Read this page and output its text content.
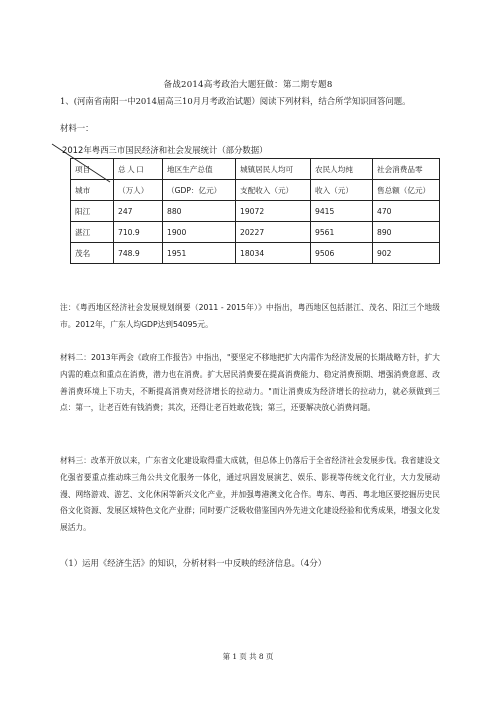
备战2014高考政治大题狂做：第二期专题8
1、(河南省南阳一中2014届高三10月月考政治试题）阅读下列材料，结合所学知识回答问题。
材料一：
2012年粤西三市国民经济和社会发展统计（部分数据）
项目	总人口	地区生产总值	城镇居民人均可	农民人均纯	社会消费品零
城市	（万人）	（GDP：亿元）	支配收入（元）	收入（元）	售总额（亿元）
阳江	247	880	19072	9415	470
湛江	710.9	1900	20227	9561	890
茂名	748.9	1951	18034	9506	902
注：《粤西地区经济社会发展规划纲要（2011 - 2015年）》中指出，粤西地区包括湛江、茂名、阳江三个地级市。2012年，广东人均GDP达到54095元。
材料二：2013年两会《政府工作报告》中指出，"要坚定不移地把扩大内需作为经济发展的长期战略方针，扩大内需的难点和重点在消费，潜力也在消费。扩大居民消费要在提高消费能力、稳定消费预期、增强消费意愿、改善消费环境上下功夫，不断提高消费对经济增长的拉动力。"而让消费成为经济增长的拉动力，就必须做到三点：第一，让老百姓有钱消费；其次，还得让老百姓敢花钱；第三，还要解决放心消费问题。
材料三：改革开放以来，广东省文化建设取得重大成就，但总体上仍落后于全省经济社会发展步伐。我省建设文化强省要重点推动珠三角公共文化服务一体化，通过巩固发展演艺、娱乐、影视等传统文化行业，大力发展动漫、网络游戏、游艺、文化休闲等新兴文化产业，并加强粤港澳文化合作。粤东、粤西、粤北地区要挖掘历史民俗文化资源、发展区域特色文化产业群；同时要广泛吸收借鉴国内外先进文化建设经验和优秀成果，增强文化发展活力。
（1）运用《经济生活》的知识，分析材料一中反映的经济信息。（4分）
第 1 页 共 8 页
